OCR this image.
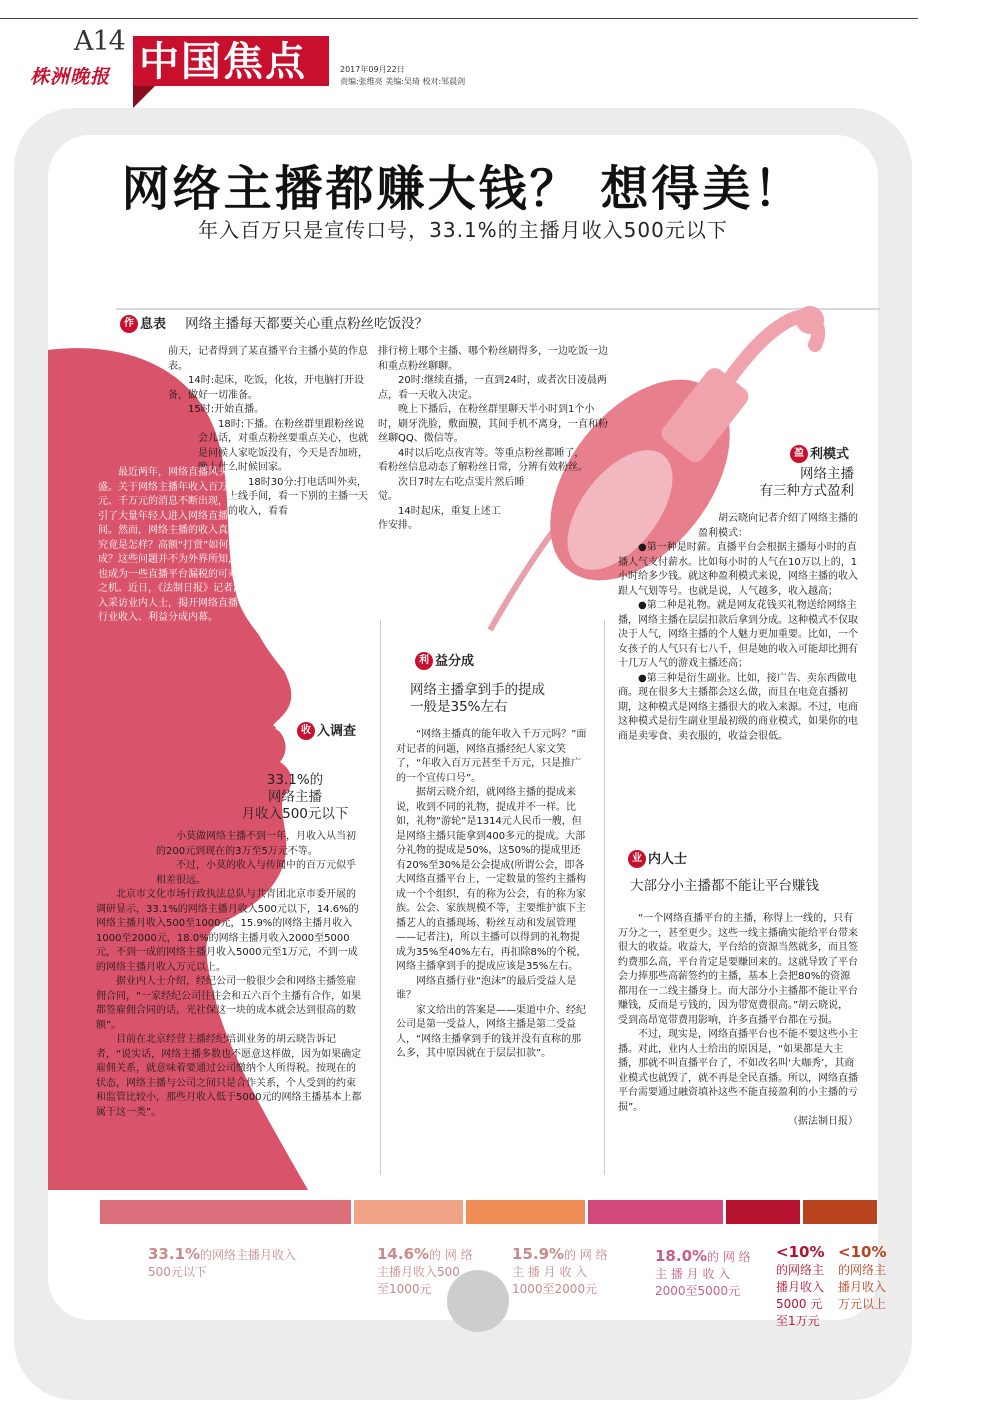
A14
株洲晚报 中国焦点	2017年09月22日
责编:张维亮 美编:吴琦 校对:邹晨剑
网络主播都赚大钱？ 想得美！
年入百万只是宣传口号，33.1%的主播月收入500元以下
作 息表 网络主播每天都要关心重点粉丝吃饭没？

前天，记者得到了某直播平台主播小莫的作息表。

14时:起床，吃饭，化妆，开电脑打开设备，做好一切准备。

15时:开始直播。

18时:下播。在粉丝群里跟粉丝说会儿话，对重点粉丝要重点关心，也就是问候人家吃饭没有，今天是否加班，晚上什么时候回家。

18时30分:打电话叫外卖，上线手间，看一下别的主播一天的收入，看看

排行榜上哪个主播、哪个粉丝刷得多，一边吃饭一边和重点粉丝聊聊。

20时:继续直播，一直到24时，或者次日凌晨两点，看一天收入决定。

晚上下播后，在粉丝群里聊天半小时到1个小时，刷牙洗脸，敷面膜，其间手机不离身，一直和粉丝聊QQ、微信等。

4时以后吃点夜宵等。等重点粉丝都睡了，看粉丝信息动态了解粉丝日常，分辨有效粉丝。

次日7时左右吃点雯片然后睡觉。

14时起床，重复上述工作安排。

最近两年，网络直播风头日盛。关于网络主播年收入百万元、千万元的消息不断出现，吸引了大量年轻人进入网络直播间。然而，网络主播的收入真相究竟是怎样？高额“打赏”如何分成？这些问题并不为外界所知，也成为一些直播平台漏税的可乘之机。近日，《法制日报》记者深入采访业内人士，揭开网络直播行业收入、利益分成内幕。

收 入调查
33.1%的
网络主播
月收入500元以下

小莫做网络主播不到一年，月收入从当初的200元到现在的3万至5万元不等。

不过，小莫的收入与传闻中的百万元似乎相差很远。

北京市文化市场行政执法总队与共青团北京市委开展的调研显示，33.1%的网络主播月收入500元以下，14.6%的网络主播月收入500至1000元，15.9%的网络主播月收入1000至2000元，18.0%的网络主播月收入2000至5000元，不到一成的网络主播月收入5000元至1万元，不到一成的网络主播月收入万元以上。

据业内人士介绍，经纪公司一般很少会和网络主播签雇佣合同，“一家经纪公司往往会和五六百个主播有合作，如果都签雇佣合同的话，光社保这一块的成本就会达到很高的数额”。

目前在北京经营主播经纪培训业务的胡云晓告诉记者，“说实话，网络主播多数也不愿意这样做，因为如果确定雇佣关系，就意味着要通过公司缴纳个人所得税。按现在的状态，网络主播与公司之间只是合作关系，个人受到的约束和监管比较小，那些月收入低于5000元的网络主播基本上都属于这一类”。

利 益分成
网络主播拿到手的提成
一般是35%左右

“网络主播真的能年收入千万元吗？”面对记者的问题，网络直播经纪人家文笑了，“年收入百万元甚至千万元，只是推广的一个宣传口号”。

据胡云晓介绍，就网络主播的提成来说，收到不同的礼物，提成并不一样。比如，礼物“游轮”是1314元人民币一艘，但是网络主播只能拿到400多元的提成。大部分礼物的提成是50%，这50%的提成里还有20%至30%是公会提成(所谓公会，即各大网络直播平台上，一定数量的签约主播构成一个个组织，有的称为公会，有的称为家族。公会、家族规模不等，主要维护旗下主播艺人的直播现场、粉丝互动和发展管理——记者注)，所以主播可以得到的礼物提成为35%至40%左右，再扣除8%的个税，网络主播拿到手的提成应该是35%左右。

网络直播行业“泡沫”的最后受益人是谁？

家文给出的答案是——渠道中介、经纪公司是第一受益人，网络主播是第二受益人，“网络主播拿到手的钱并没有直称的那么多，其中原因就在于层层扣款”。

盈 利模式
网络主播
有三种方式盈利

胡云晓向记者介绍了网络主播的盈利模式：

●第一种是时薪。直播平台会根据主播每小时的直播人气支付薪水。比如每小时的人气在10万以上的，1小时给多少钱。就这种盈利模式来说，网络主播的收入跟人气划等号。也就是说，人气越多，收入越高；

●第二种是礼物。就是网友花钱买礼物送给网络主播，网络主播在层层扣款后拿到分成。这种模式不仅取决于人气，网络主播的个人魅力更加重要。比如，一个女孩子的人气只有七八千，但是她的收入可能却比拥有十几万人气的游戏主播还高；

●第三种是衍生副业。比如，接广告、卖东西做电商。现在很多大主播都会这么做，而且在电竞直播初期，这种模式是网络主播很大的收入来源。不过，电商这种模式是衍生副业里最初级的商业模式，如果你的电商是卖零食、卖衣服的，收益会很低。

业 内人士
大部分小主播都不能让平台赚钱

“一个网络直播平台的主播，称得上一线的，只有万分之一，甚至更少。这些一线主播确实能给平台带来很大的收益。收益大，平台给的资源当然就多，而且签约费那么高，平台肯定是要赚回来的。这就导致了平台会力捧那些高薪签约的主播，基本上会把80%的资源都用在一二线主播身上。而大部分小主播都不能让平台赚钱，反而是亏钱的，因为带宽费很高。”胡云晓说，受到高昂宽带费用影响，许多直播平台都在亏损。

不过，现实是，网络直播平台也不能不要这些小主播。对此，业内人士给出的原因是，“如果都是大主播，那就不叫直播平台了，不如改名叫‘大咖秀’，其商业模式也就毁了，就不再是全民直播。所以，网络直播平台需要通过融资填补这些不能直接盈利的小主播的亏损”。

（据法制日报）

33.1%的网络主播月收入
500元以下
14.6%的 网 络
主播月收入500
至1000元
15.9%的 网 络
主 播 月 收 入
1000至2000元
18.0%的 网 络
主 播 月 收 入
2000至5000元
<10%
的网络主
播月收入
5000 元
至1万元
<10%
的网络主
播月收入
万元以上
